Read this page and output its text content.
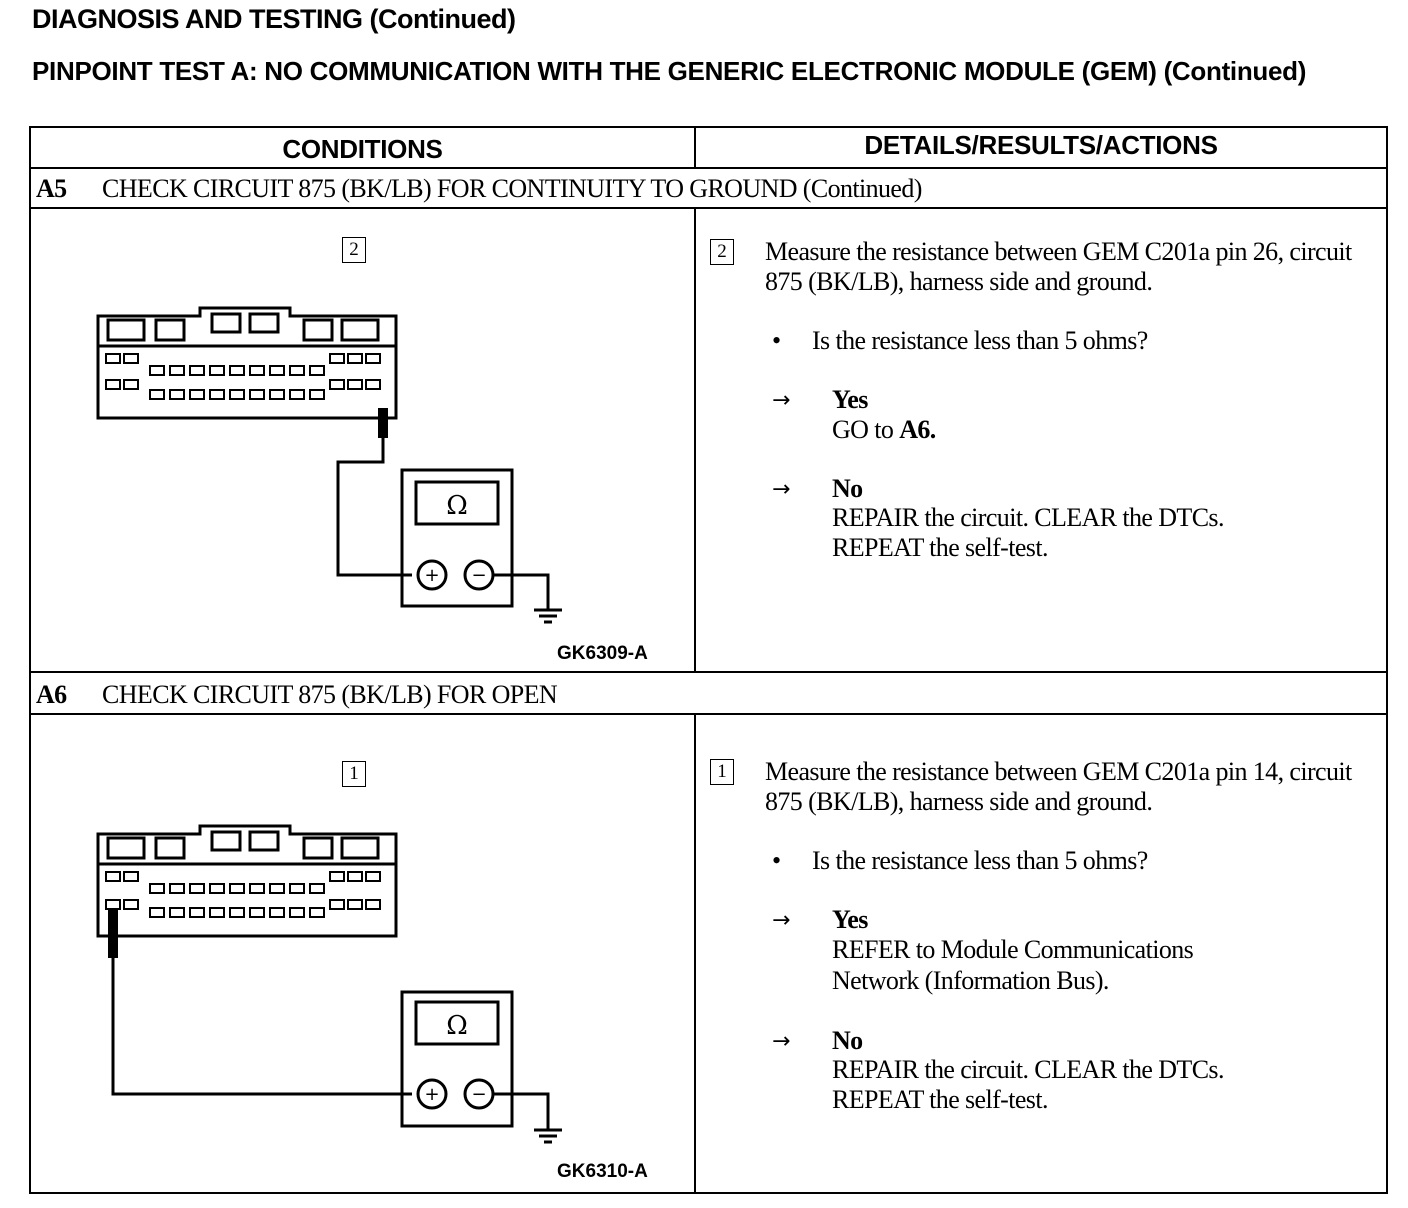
DIAGNOSIS AND TESTING (Continued)
PINPOINT TEST A: NO COMMUNICATION WITH THE GENERIC ELECTRONIC MODULE (GEM) (Continued)
CONDITIONS	DETAILS/RESULTS/ACTIONS
A5 CHECK CIRCUIT 875 (BK/LB) FOR CONTINUITY TO GROUND (Continued)
2
+ −
Ω
GK6309-A
2 Measure the resistance between GEM C201a pin 26, circuit 875 (BK/LB), harness side and ground.
• Is the resistance less than 5 ohms?
→ Yes
GO to A6.
→ No
REPAIR the circuit. CLEAR the DTCs.
REPEAT the self-test.
A6 CHECK CIRCUIT 875 (BK/LB) FOR OPEN
1
+ −
Ω
GK6310-A
1 Measure the resistance between GEM C201a pin 14, circuit 875 (BK/LB), harness side and ground.
• Is the resistance less than 5 ohms?
→ Yes
REFER to Module Communications
Network (Information Bus).
→ No
REPAIR the circuit. CLEAR the DTCs.
REPEAT the self-test.
